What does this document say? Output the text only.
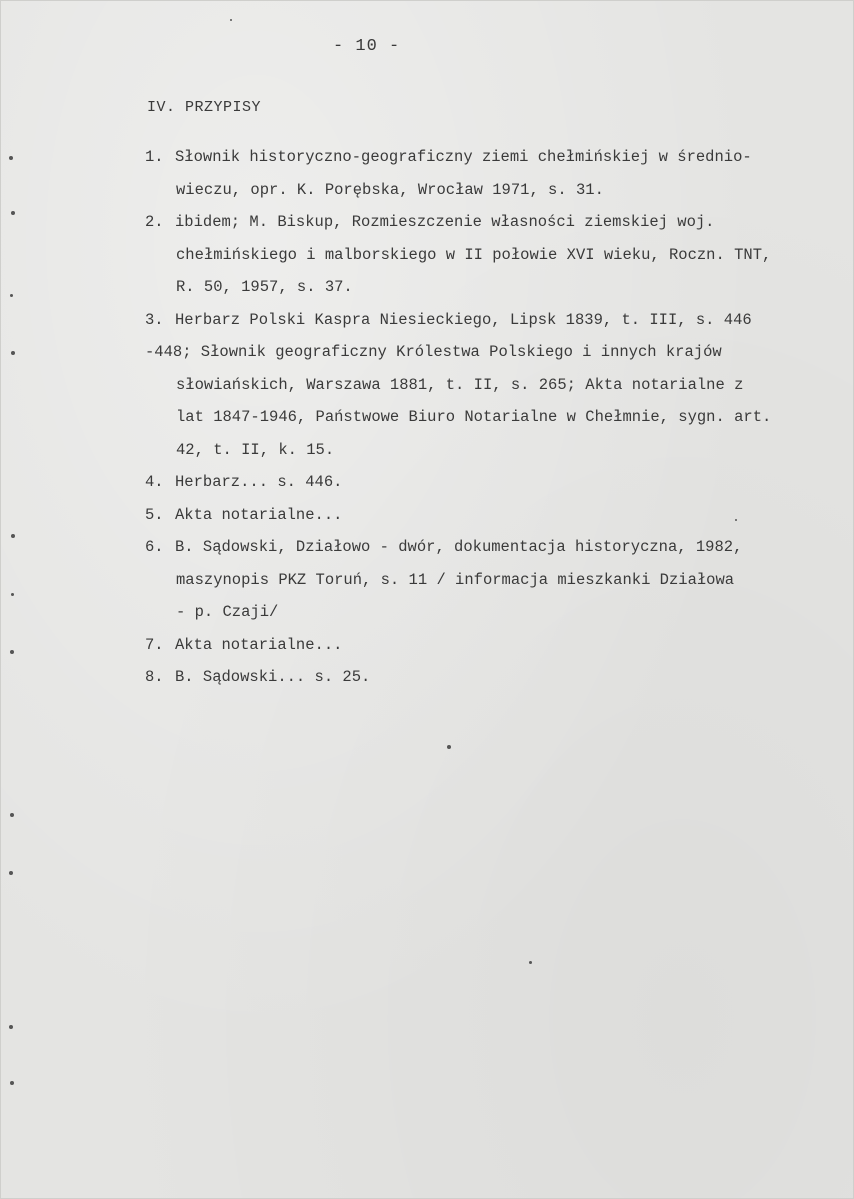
- 10 -
IV. PRZYPISY
1. Słownik historyczno-geograficzny ziemi chełmińskiej w średnio-
wieczu, opr. K. Porębska, Wrocław 1971, s. 31.
2. ibidem; M. Biskup, Rozmieszczenie własności ziemskiej woj.
chełmińskiego i malborskiego w II połowie XVI wieku, Roczn. TNT,
R. 50, 1957, s. 37.
3. Herbarz Polski Kaspra Niesieckiego, Lipsk 1839, t. III, s. 446
-448; Słownik geograficzny Królestwa Polskiego i innych krajów
słowiańskich, Warszawa 1881, t. II, s. 265; Akta notarialne z
lat 1847-1946, Państwowe Biuro Notarialne w Chełmnie, sygn. art.
42, t. II, k. 15.
4. Herbarz... s. 446.
5. Akta notarialne...
6. B. Sądowski, Działowo - dwór, dokumentacja historyczna, 1982,
maszynopis PKZ Toruń, s. 11 / informacja mieszkanki Działowa
- p. Czaji/
7. Akta notarialne...
8. B. Sądowski... s. 25.
